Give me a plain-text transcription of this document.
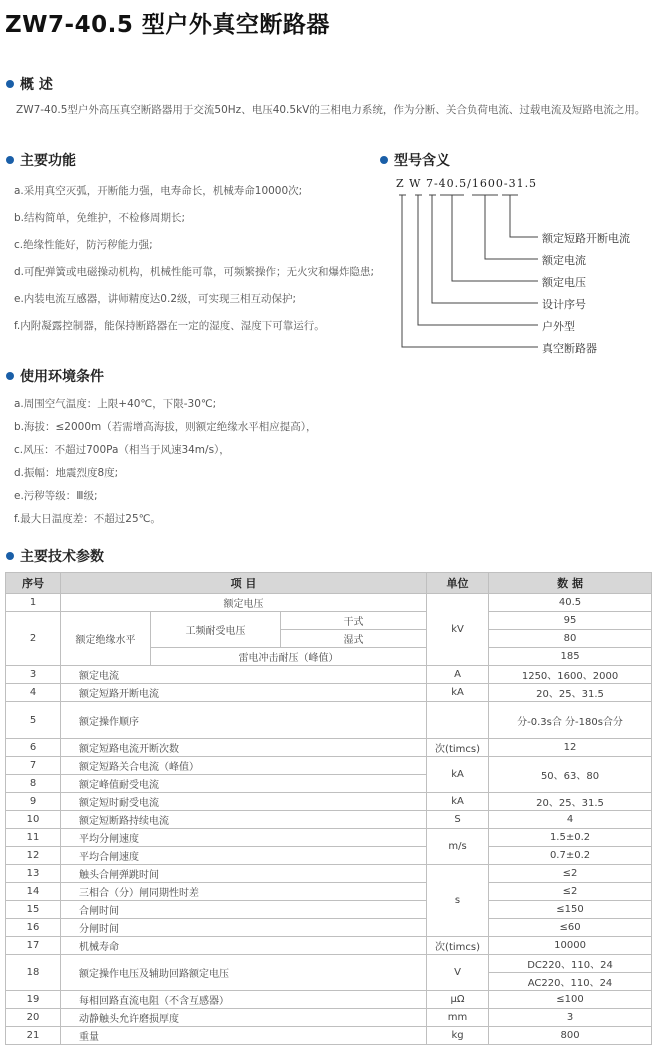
ZW7-40.5 型户外真空断路器
概 述
ZW7-40.5型户外高压真空断路器用于交流50Hz、电压40.5kV的三相电力系统，作为分断、关合负荷电流、过载电流及短路电流之用。
主要功能
a.采用真空灭弧，开断能力强，电寿命长，机械寿命10000次;
b.结构简单，免维护，不检修周期长;
c.绝缘性能好，防污秽能力强;
d.可配弹簧或电磁操动机构，机械性能可靠，可频繁操作；无火灾和爆炸隐患;
e.内装电流互感器，讲师精度达0.2级，可实现三相互动保护;
f.内附凝露控制器，能保持断路器在一定的湿度、湿度下可靠运行。
型号含义
Z W 7-40.5/1600-31.5
额定短路开断电流
额定电流
额定电压
设计序号
户外型
真空断路器
使用环境条件
a.周围空气温度：上限+40℃，下限-30℃;
b.海拔：≤2000m（若需增高海拔，则额定绝缘水平相应提高），
c.风压：不超过700Pa（相当于风速34m/s），
d.振幅：地震烈度8度;
e.污秽等级：Ⅲ级;
f.最大日温度差：不超过25℃。
主要技术参数
序号	项 目			单位	数 据
1	额定电压			kV	40.5
2	额定绝缘水平	工频耐受电压	干式		95
			湿式		80
		雷电冲击耐压（峰值）			185
3	额定电流			A	1250、1600、2000
4	额定短路开断电流			kA	20、25、31.5
5	额定操作顺序				分-0.3s合 分-180s合分
6	额定短路电流开断次数			次(timcs)	12
7	额定短路关合电流（峰值）			kA	50、63、80
8	额定峰值耐受电流				
9	额定短时耐受电流			kA	20、25、31.5
10	额定短断路持续电流			S	4
11	平均分闸速度			m/s	1.5±0.2
12	平均合闸速度				0.7±0.2
13	触头合闸弹跳时间			s	≤2
14	三相合（分）闸同期性时差				≤2
15	合闸时间				≤150
16	分闸时间				≤60
17	机械寿命			次(timcs)	10000
18	额定操作电压及辅助回路额定电压			V	DC220、110、24
					AC220、110、24
19	每相回路直流电阻（不含互感器）			μΩ	≤100
20	动静触头允许磨损厚度			mm	3
21	重量			kg	800
